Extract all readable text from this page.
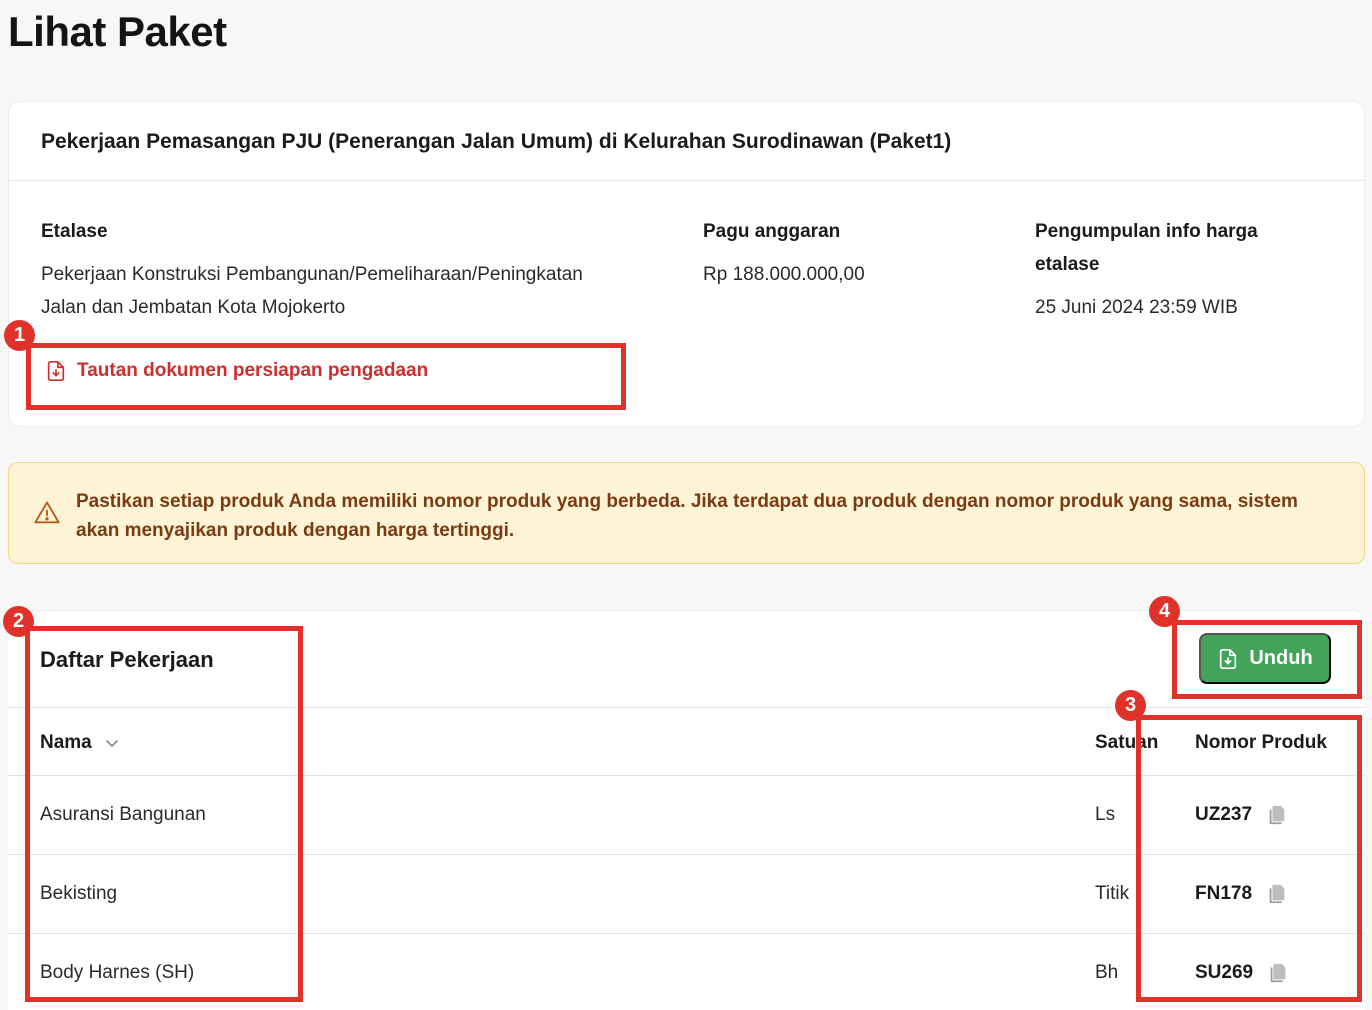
Lihat Paket
Pekerjaan Pemasangan PJU (Penerangan Jalan Umum) di Kelurahan Surodinawan (Paket1)
Etalase
Pekerjaan Konstruksi Pembangunan/Pemeliharaan/Peningkatan
Jalan dan Jembatan Kota Mojokerto
Pagu anggaran
Rp 188.000.000,00
Pengumpulan info harga
etalase
25 Juni 2024 23:59 WIB
Tautan dokumen persiapan pengadaan
Pastikan setiap produk Anda memiliki nomor produk yang berbeda. Jika terdapat dua produk dengan nomor produk yang sama, sistem akan menyajikan produk dengan harga tertinggi.
Daftar Pekerjaan	Unduh
Nama	Satuan Nomor Produk
Asuransi Bangunan	Ls	UZ237
Bekisting	Titik	FN178
Body Harnes (SH)	Bh	SU269
1
2
3
4
